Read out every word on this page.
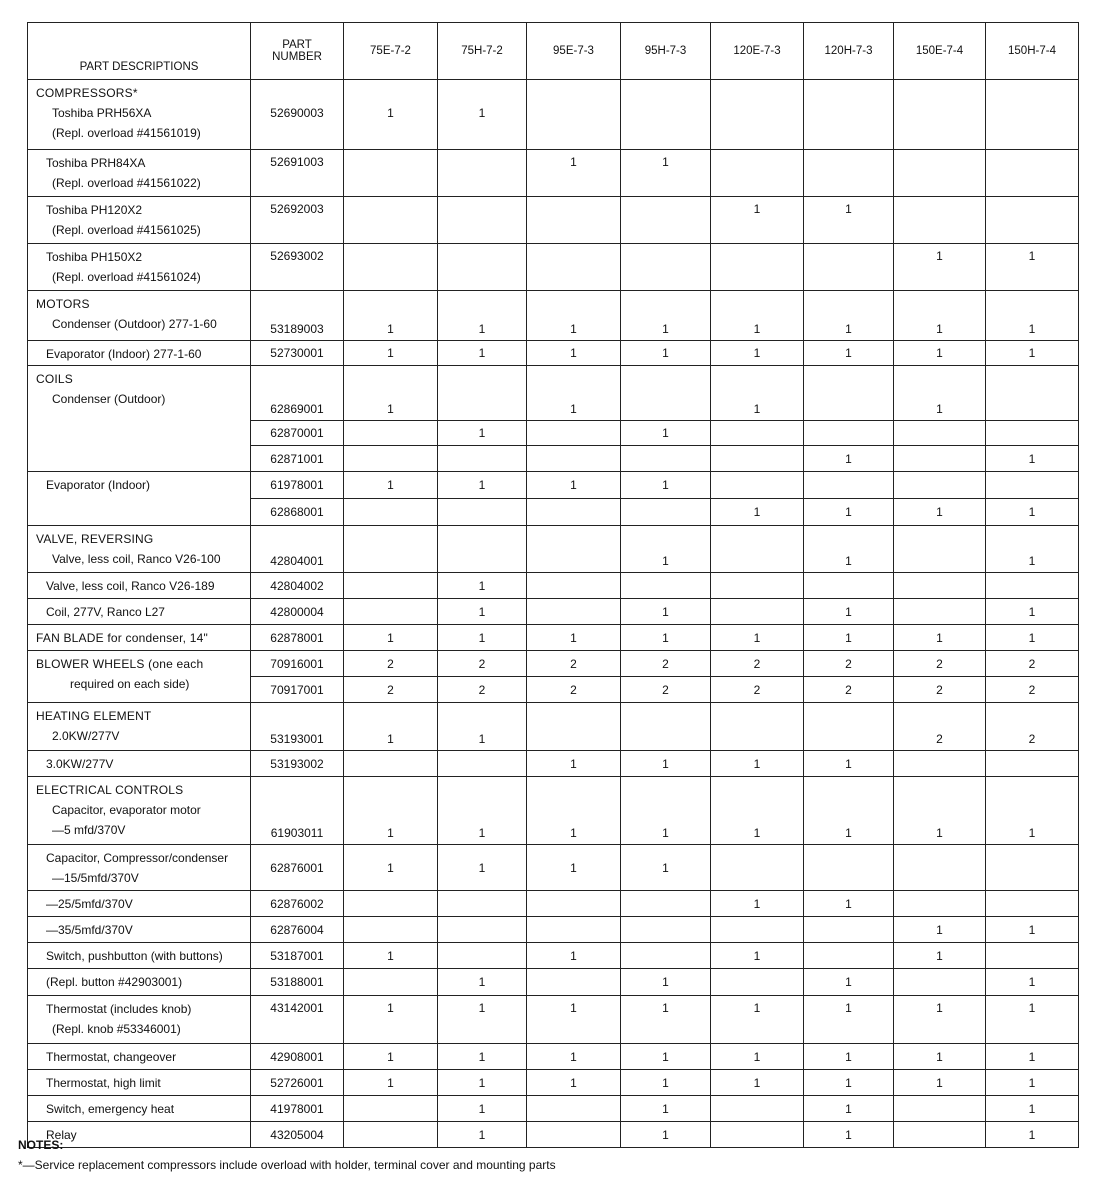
PART DESCRIPTIONS	PART
NUMBER	75E-7-2	75H-7-2	95E-7-3	95H-7-3	120E-7-3	120H-7-3	150E-7-4	150H-7-4

COMPRESSORS*
Toshiba PRH56XA
(Repl. overload #41561019)	52690003	1	1						

Toshiba PRH84XA
(Repl. overload #41561022)	52691003			1	1				

Toshiba PH120X2
(Repl. overload #41561025)	52692003					1	1		

Toshiba PH150X2
(Repl. overload #41561024)	52693002							1	1

MOTORS
Condenser (Outdoor) 277-1-60	53189003	1	1	1	1	1	1	1	1

Evaporator (Indoor) 277-1-60	52730001	1	1	1	1	1	1	1	1

COILS
Condenser (Outdoor)	62869001	1		1		1		1	
	62870001		1		1				
	62871001						1		1

Evaporator (Indoor)	61978001	1	1	1	1				
	62868001					1	1	1	1

VALVE, REVERSING
Valve, less coil, Ranco V26-100	42804001				1		1		1

Valve, less coil, Ranco V26-189	42804002		1						

Coil, 277V, Ranco L27	42800004		1		1		1		1

FAN BLADE for condenser, 14"	62878001	1	1	1	1	1	1	1	1

BLOWER WHEELS (one each
required on each side)	70916001	2	2	2	2	2	2	2	2
	70917001	2	2	2	2	2	2	2	2

HEATING ELEMENT
2.0KW/277V	53193001	1	1					2	2

3.0KW/277V	53193002			1	1	1	1		

ELECTRICAL CONTROLS
Capacitor, evaporator motor
—5 mfd/370V	61903011	1	1	1	1	1	1	1	1

Capacitor, Compressor/condenser
—15/5mfd/370V	62876001	1	1	1	1				

—25/5mfd/370V	62876002					1	1		

—35/5mfd/370V	62876004							1	1

Switch, pushbutton (with buttons)	53187001	1		1		1		1	

(Repl. button #42903001)	53188001		1		1		1		1

Thermostat (includes knob)
(Repl. knob #53346001)	43142001	1	1	1	1	1	1	1	1

Thermostat, changeover	42908001	1	1	1	1	1	1	1	1

Thermostat, high limit	52726001	1	1	1	1	1	1	1	1

Switch, emergency heat	41978001		1		1		1		1

Relay	43205004		1		1		1		1
NOTES:
*—Service replacement compressors include overload with holder, terminal cover and mounting parts
